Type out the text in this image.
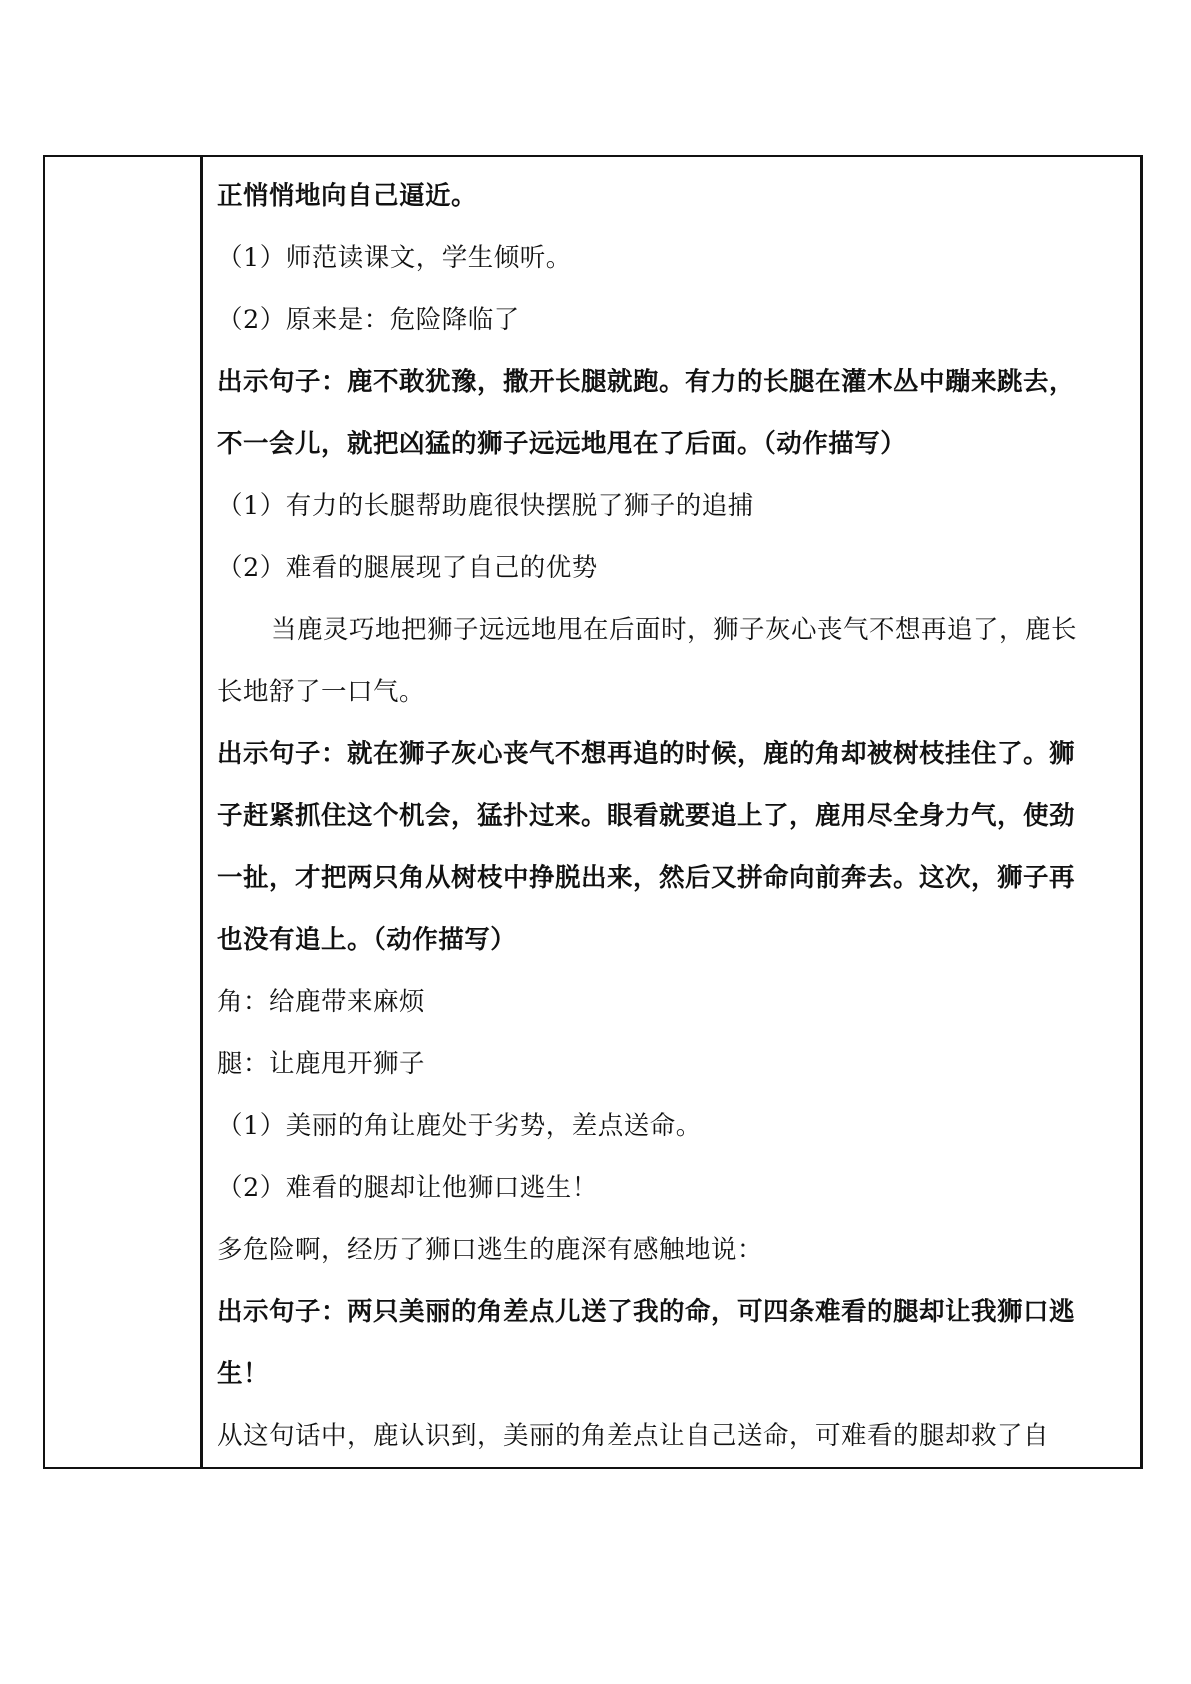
正悄悄地向自己逼近。
（1）师范读课文，学生倾听。
（2）原来是：危险降临了
出示句子：鹿不敢犹豫，撒开长腿就跑。有力的长腿在灌木丛中蹦来跳去，
不一会儿，就把凶猛的狮子远远地甩在了后面。（动作描写）
（1）有力的长腿帮助鹿很快摆脱了狮子的追捕
（2）难看的腿展现了自己的优势
当鹿灵巧地把狮子远远地甩在后面时，狮子灰心丧气不想再追了，鹿长
长地舒了一口气。
出示句子：就在狮子灰心丧气不想再追的时候，鹿的角却被树枝挂住了。狮
子赶紧抓住这个机会，猛扑过来。眼看就要追上了，鹿用尽全身力气，使劲
一扯，才把两只角从树枝中挣脱出来，然后又拼命向前奔去。这次，狮子再
也没有追上。（动作描写）
角：给鹿带来麻烦
腿：让鹿甩开狮子
（1）美丽的角让鹿处于劣势，差点送命。
（2）难看的腿却让他狮口逃生！
多危险啊，经历了狮口逃生的鹿深有感触地说：
出示句子：两只美丽的角差点儿送了我的命，可四条难看的腿却让我狮口逃
生！
从这句话中，鹿认识到，美丽的角差点让自己送命，可难看的腿却救了自
